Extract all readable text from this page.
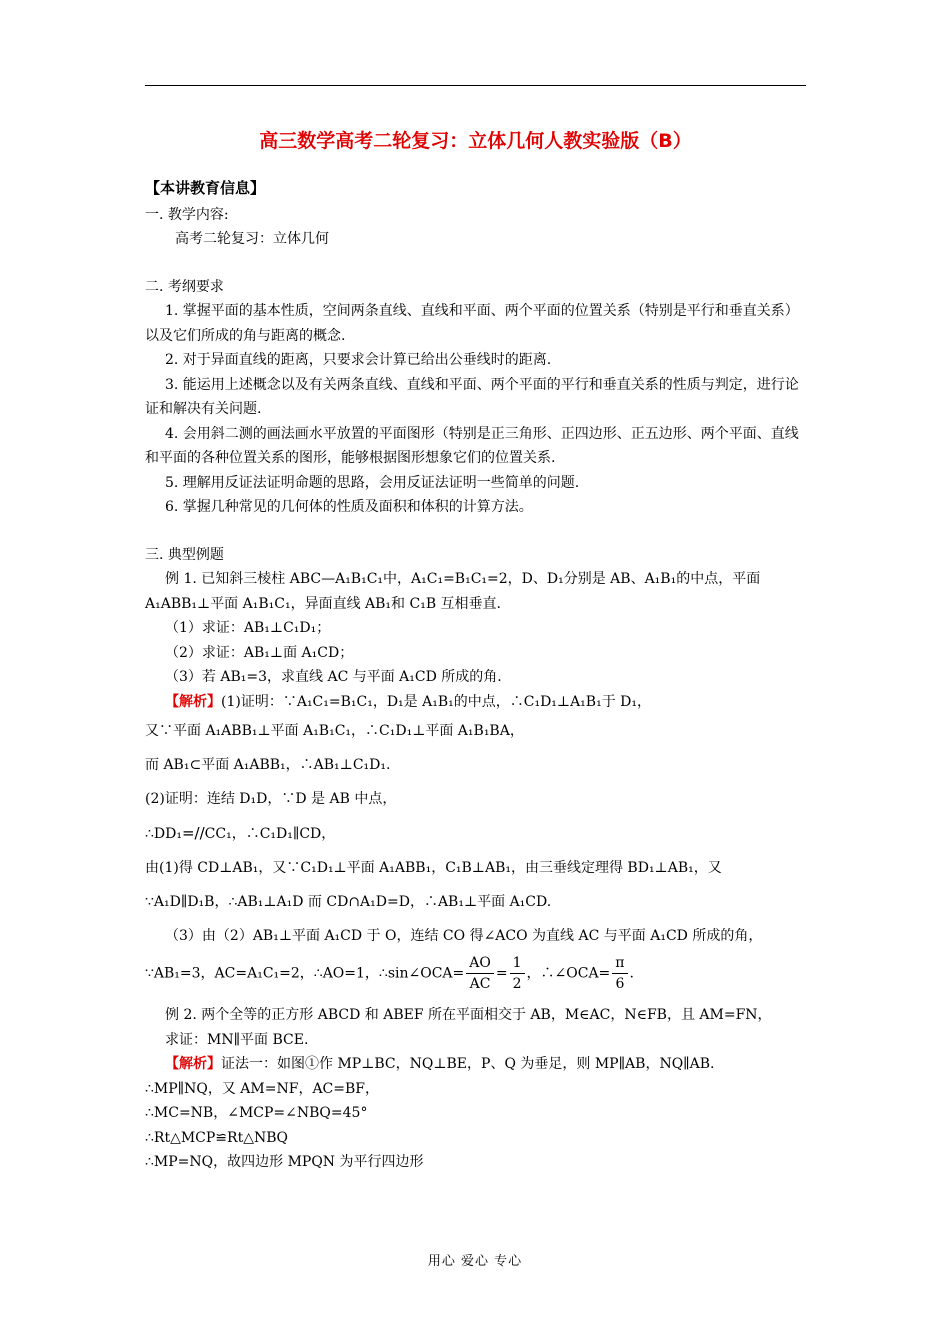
高三数学高考二轮复习：立体几何人教实验版（B）

【本讲教育信息】

一. 教学内容:

高考二轮复习：立体几何

二. 考纲要求

1. 掌握平面的基本性质，空间两条直线、直线和平面、两个平面的位置关系（特别是平行和垂直关系）以及它们所成的角与距离的概念.

2. 对于异面直线的距离，只要求会计算已给出公垂线时的距离.

3. 能运用上述概念以及有关两条直线、直线和平面、两个平面的平行和垂直关系的性质与判定，进行论证和解决有关问题.

4. 会用斜二测的画法画水平放置的平面图形（特别是正三角形、正四边形、正五边形、两个平面、直线和平面的各种位置关系的图形，能够根据图形想象它们的位置关系.

5. 理解用反证法证明命题的思路，会用反证法证明一些简单的问题.

6. 掌握几种常见的几何体的性质及面积和体积的计算方法。

三. 典型例题

例 1. 已知斜三棱柱 ABC—A₁B₁C₁中，A₁C₁=B₁C₁=2，D、D₁分别是 AB、A₁B₁的中点，平面 A₁ABB₁⊥平面 A₁B₁C₁，异面直线 AB₁和 C₁B 互相垂直.

（1）求证：AB₁⊥C₁D₁；

（2）求证：AB₁⊥面 A₁CD；

（3）若 AB₁=3，求直线 AC 与平面 A₁CD 所成的角.

【解析】(1)证明：∵A₁C₁=B₁C₁，D₁是 A₁B₁的中点，∴C₁D₁⊥A₁B₁于 D₁，

又∵平面 A₁ABB₁⊥平面 A₁B₁C₁，∴C₁D₁⊥平面 A₁B₁BA，

而 AB₁⊂平面 A₁ABB₁，∴AB₁⊥C₁D₁.

(2)证明：连结 D₁D，∵D 是 AB 中点，

∴DD₁=//CC₁，∴C₁D₁∥CD，

由(1)得 CD⊥AB₁，又∵C₁D₁⊥平面 A₁ABB₁，C₁B⊥AB₁，由三垂线定理得 BD₁⊥AB₁，又

∵A₁D∥D₁B，∴AB₁⊥A₁D 而 CD∩A₁D=D，∴AB₁⊥平面 A₁CD.

（3）由（2）AB₁⊥平面 A₁CD 于 O，连结 CO 得∠ACO 为直线 AC 与平面 A₁CD 所成的角，

∵AB₁=3，AC=A₁C₁=2，∴AO=1，∴sin∠OCA= $\frac{AO}{AC} = \frac{1}{2}$ ，∴∠OCA= $\frac{\pi}{6}$ .

例 2. 两个全等的正方形 ABCD 和 ABEF 所在平面相交于 AB，M∈AC，N∈FB，且 AM=FN，

求证：MN∥平面 BCE.

【解析】证法一：如图①作 MP⊥BC，NQ⊥BE，P、Q 为垂足，则 MP∥AB，NQ∥AB.

∴MP∥NQ，又 AM=NF，AC=BF，

∴MC=NB，∠MCP=∠NBQ=45°

∴Rt△MCP≌Rt△NBQ

∴MP=NQ，故四边形 MPQN 为平行四边形

用心 爱心 专心
